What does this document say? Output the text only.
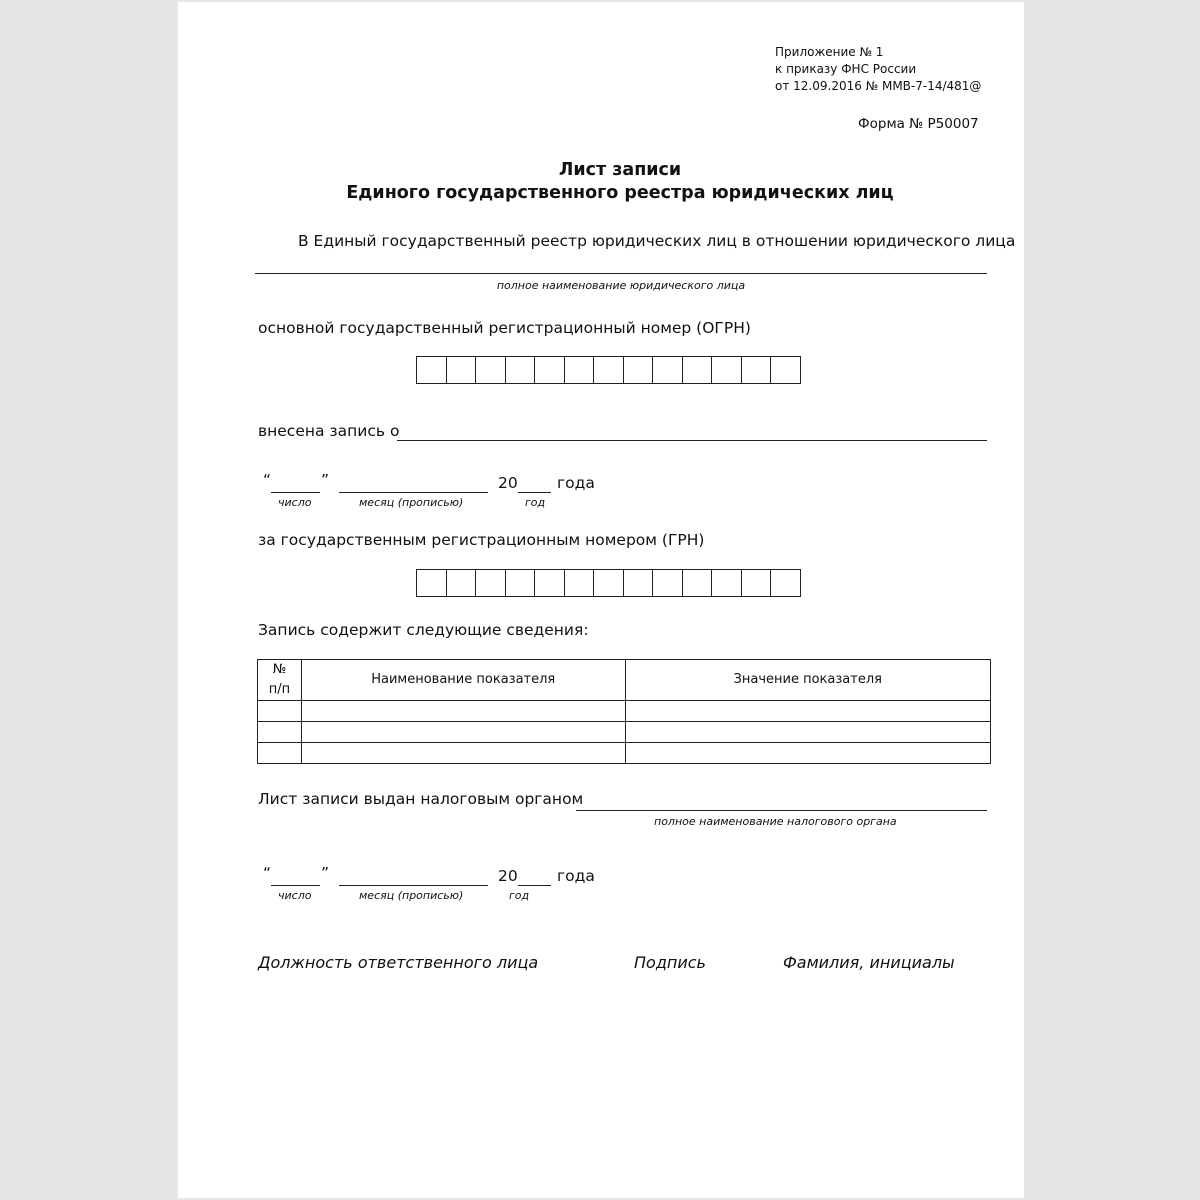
Приложение № 1
к приказу ФНС России
от 12.09.2016 № ММВ-7-14/481@
Форма № Р50007
Лист записи
Единого государственного реестра юридических лиц
В Единый государственный реестр юридических лиц в отношении юридического лица
полное наименование юридического лица
основной государственный регистрационный номер (ОГРН)
внесена запись о
“	”	20	года
число	месяц (прописью)	год
за государственным регистрационным номером (ГРН)
Запись содержит следующие сведения:
№ п/п	Наименование показателя	Значение показателя

Лист записи выдан налоговым органом
полное наименование налогового органа
“	”	20	года
число	месяц (прописью)	год
Должность ответственного лица	Подпись	Фамилия, инициалы
